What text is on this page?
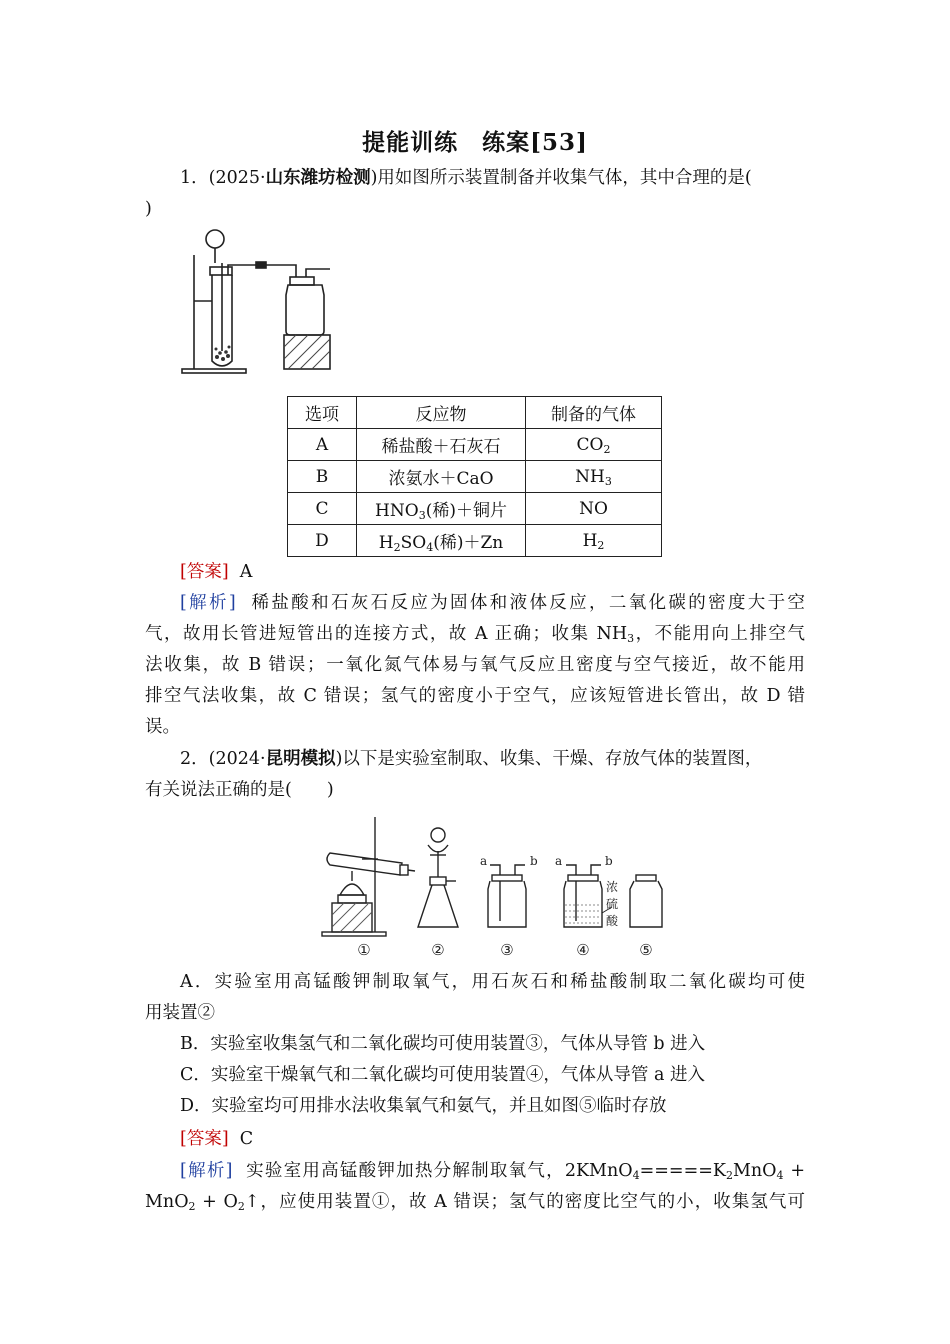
提能训练　练案[53]
1．(2025·山东潍坊检测)用如图所示装置制备并收集气体，其中合理的是(
)
选项	反应物	制备的气体
A	稀盐酸＋石灰石	$CO_2$
B	浓氨水＋CaO	$NH_3$
C	$HNO_3$(稀)＋铜片	NO
D	$H_2SO_4$(稀)＋Zn	$H_2$
[答案] A
[解析] 稀盐酸和石灰石反应为固体和液体反应，二氧化碳的密度大于空
气，故用长管进短管出的连接方式，故 A 正确；收集 $NH_3$，不能用向上排空气
法收集，故 B 错误；一氧化氮气体易与氧气反应且密度与空气接近，故不能用
排空气法收集，故 C 错误；氢气的密度小于空气，应该短管进长管出，故 D 错
误。
2．(2024·昆明模拟)以下是实验室制取、收集、干燥、存放气体的装置图，
有关说法正确的是(　　)
a	b a	b
浓
硫
酸
①	②	③	④	⑤
A．实验室用高锰酸钾制取氧气，用石灰石和稀盐酸制取二氧化碳均可使
用装置②
B．实验室收集氢气和二氧化碳均可使用装置③，气体从导管 b 进入
C．实验室干燥氧气和二氧化碳均可使用装置④，气体从导管 a 进入
D．实验室均可用排水法收集氧气和氨气，并且如图⑤临时存放
[答案] C
[解析] 实验室用高锰酸钾加热分解制取氧气，$2KMnO_4=====K_2MnO_4$ +
$MnO_2 + O_2↑$，应使用装置①，故 A 错误；氢气的密度比空气的小，收集氢气可
